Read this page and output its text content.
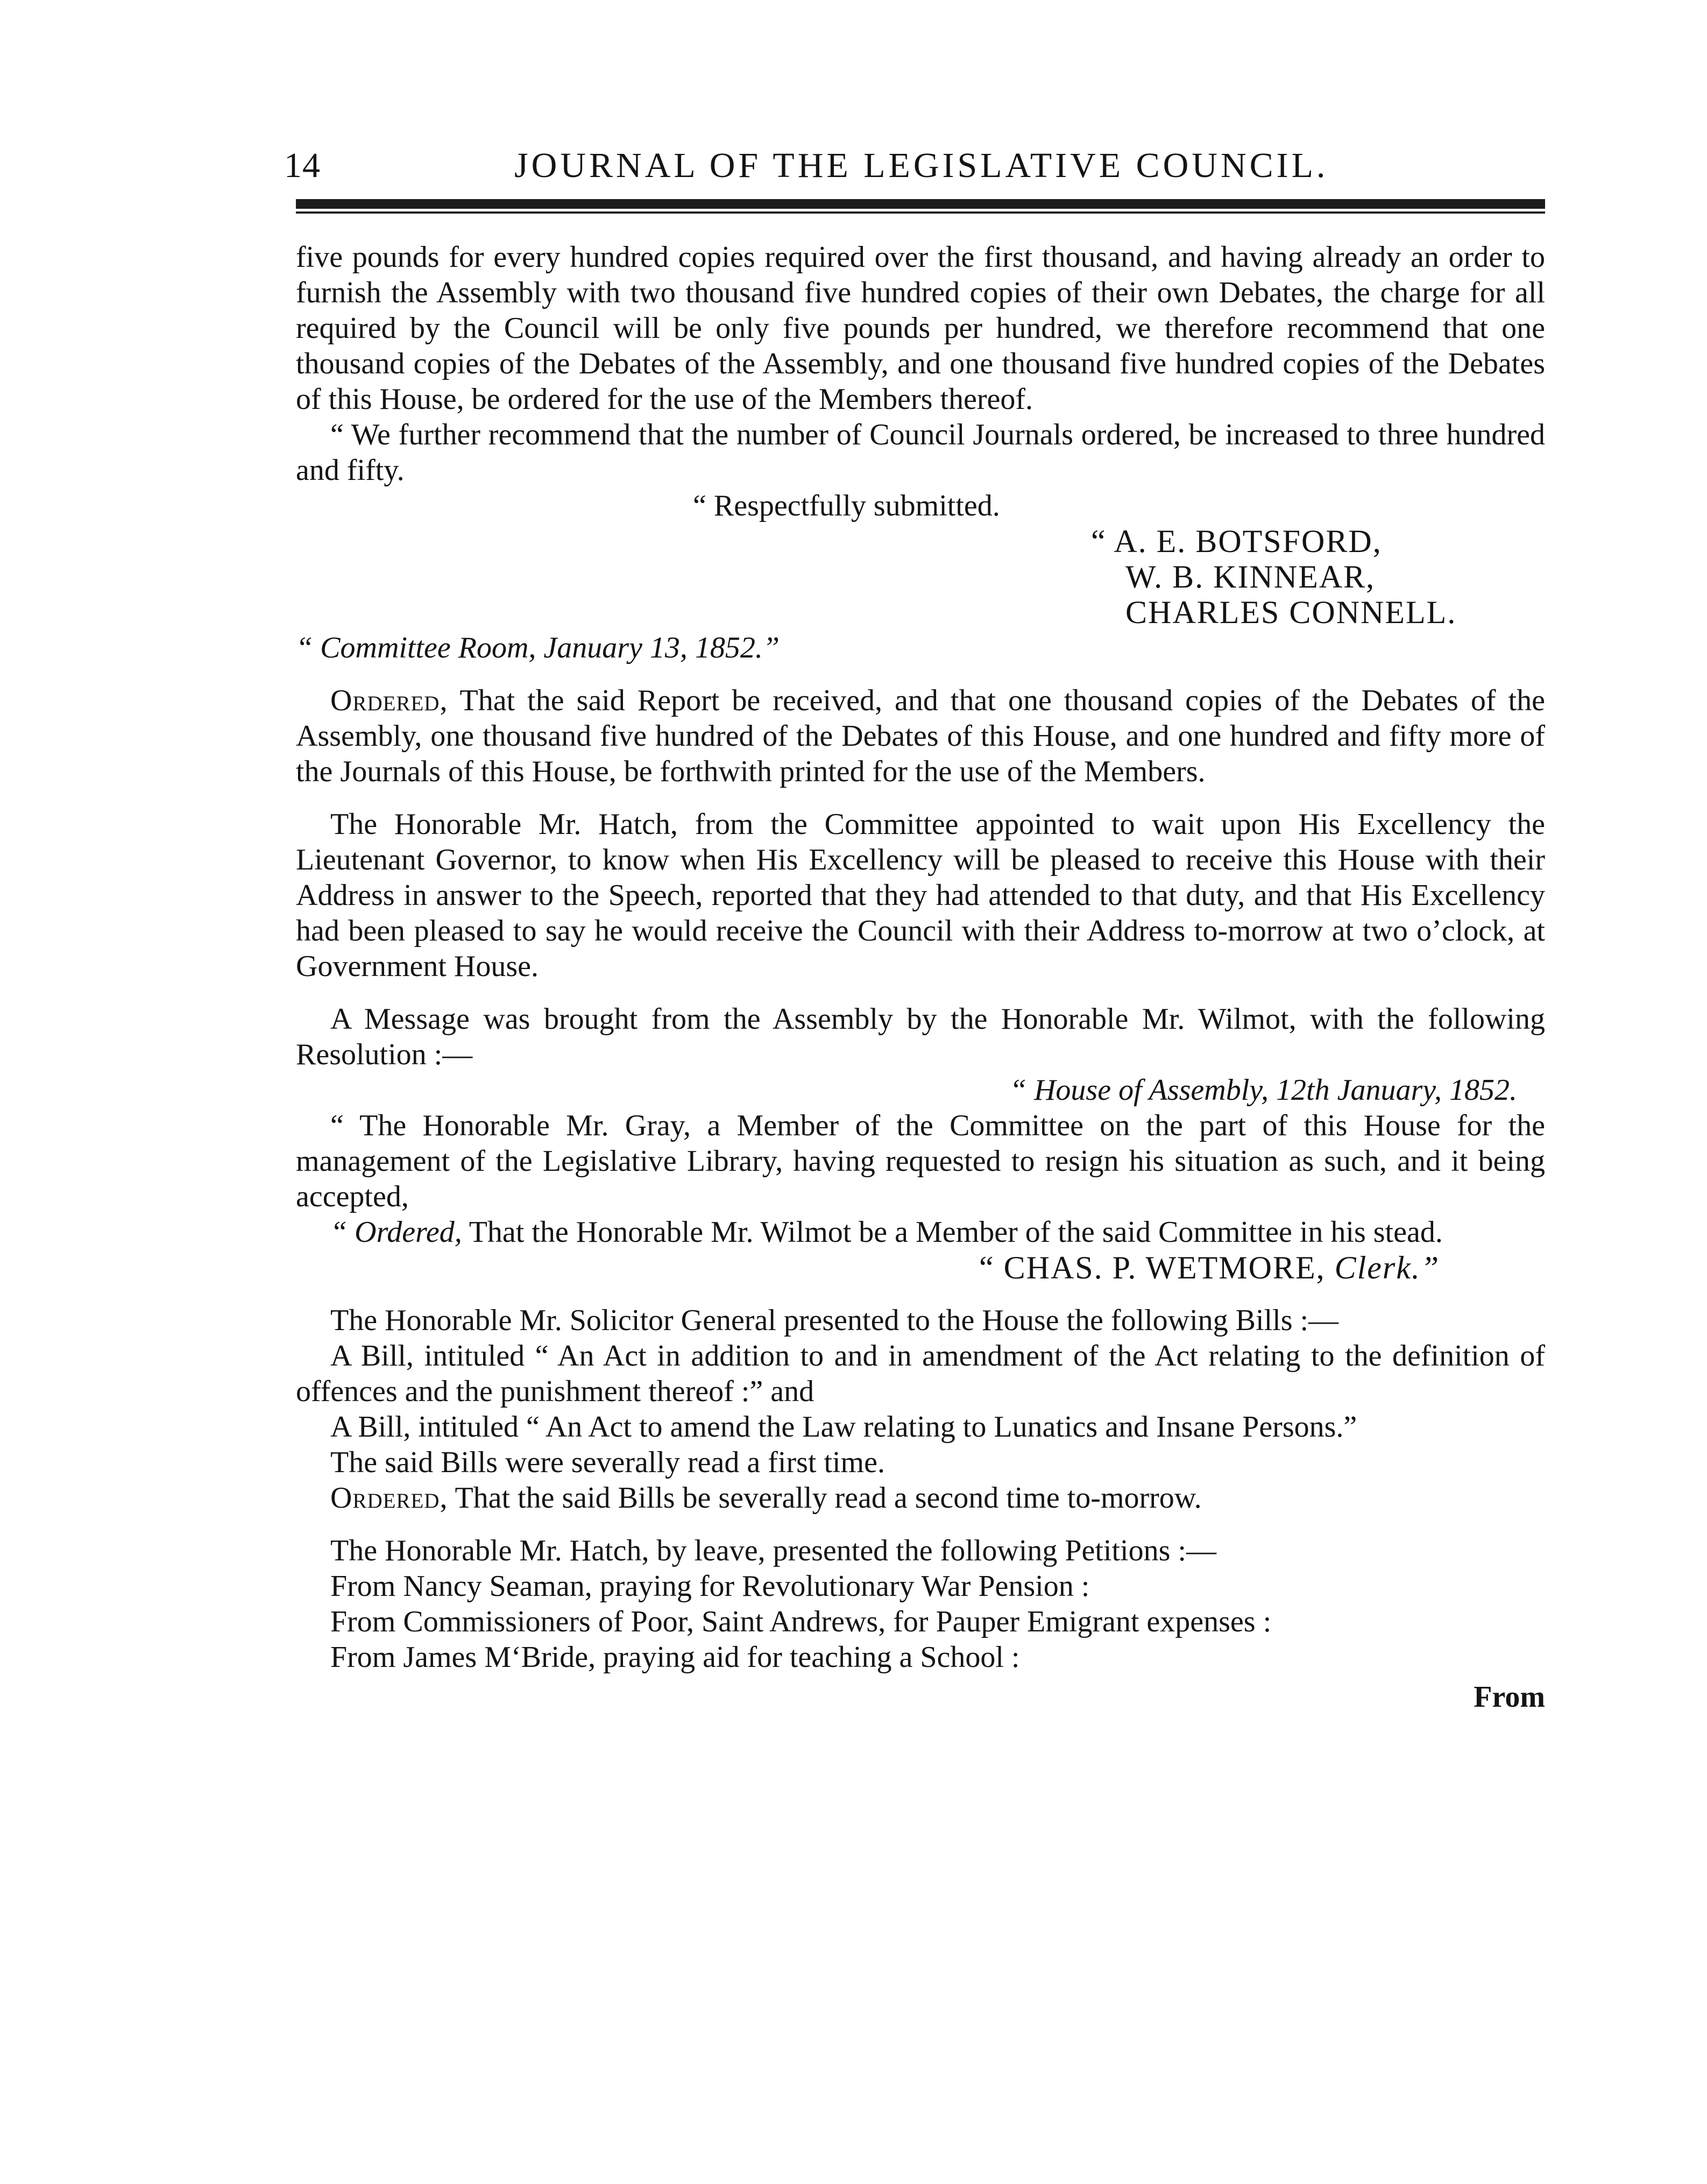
14	JOURNAL OF THE LEGISLATIVE COUNCIL.

five pounds for every hundred copies required over the first thousand, and having already an order to furnish the Assembly with two thousand five hundred copies of their own Debates, the charge for all required by the Council will be only five pounds per hundred, we therefore recommend that one thousand copies of the Debates of the Assembly, and one thousand five hundred copies of the Debates of this House, be ordered for the use of the Members thereof.

“ We further recommend that the number of Council Journals ordered, be increased to three hundred and fifty.

“ Respectfully submitted.

“ A. E. BOTSFORD,
W. B. KINNEAR,
CHARLES CONNELL.

“ Committee Room, January 13, 1852.”

Ordered, That the said Report be received, and that one thousand copies of the Debates of the Assembly, one thousand five hundred of the Debates of this House, and one hundred and fifty more of the Journals of this House, be forthwith printed for the use of the Members.

The Honorable Mr. Hatch, from the Committee appointed to wait upon His Excellency the Lieutenant Governor, to know when His Excellency will be pleased to receive this House with their Address in answer to the Speech, reported that they had attended to that duty, and that His Excellency had been pleased to say he would receive the Council with their Address to-morrow at two o’clock, at Government House.

A Message was brought from the Assembly by the Honorable Mr. Wilmot, with the following Resolution :—

“ House of Assembly, 12th January, 1852.

“ The Honorable Mr. Gray, a Member of the Committee on the part of this House for the management of the Legislative Library, having requested to resign his situation as such, and it being accepted,

“ Ordered, That the Honorable Mr. Wilmot be a Member of the said Committee in his stead.

“ CHAS. P. WETMORE, Clerk.”

The Honorable Mr. Solicitor General presented to the House the following Bills :—

A Bill, intituled “ An Act in addition to and in amendment of the Act relating to the definition of offences and the punishment thereof :” and

A Bill, intituled “ An Act to amend the Law relating to Lunatics and Insane Persons.”

The said Bills were severally read a first time.

Ordered, That the said Bills be severally read a second time to-morrow.

The Honorable Mr. Hatch, by leave, presented the following Petitions :—

From Nancy Seaman, praying for Revolutionary War Pension :

From Commissioners of Poor, Saint Andrews, for Pauper Emigrant expenses :

From James M‘Bride, praying aid for teaching a School :

From
